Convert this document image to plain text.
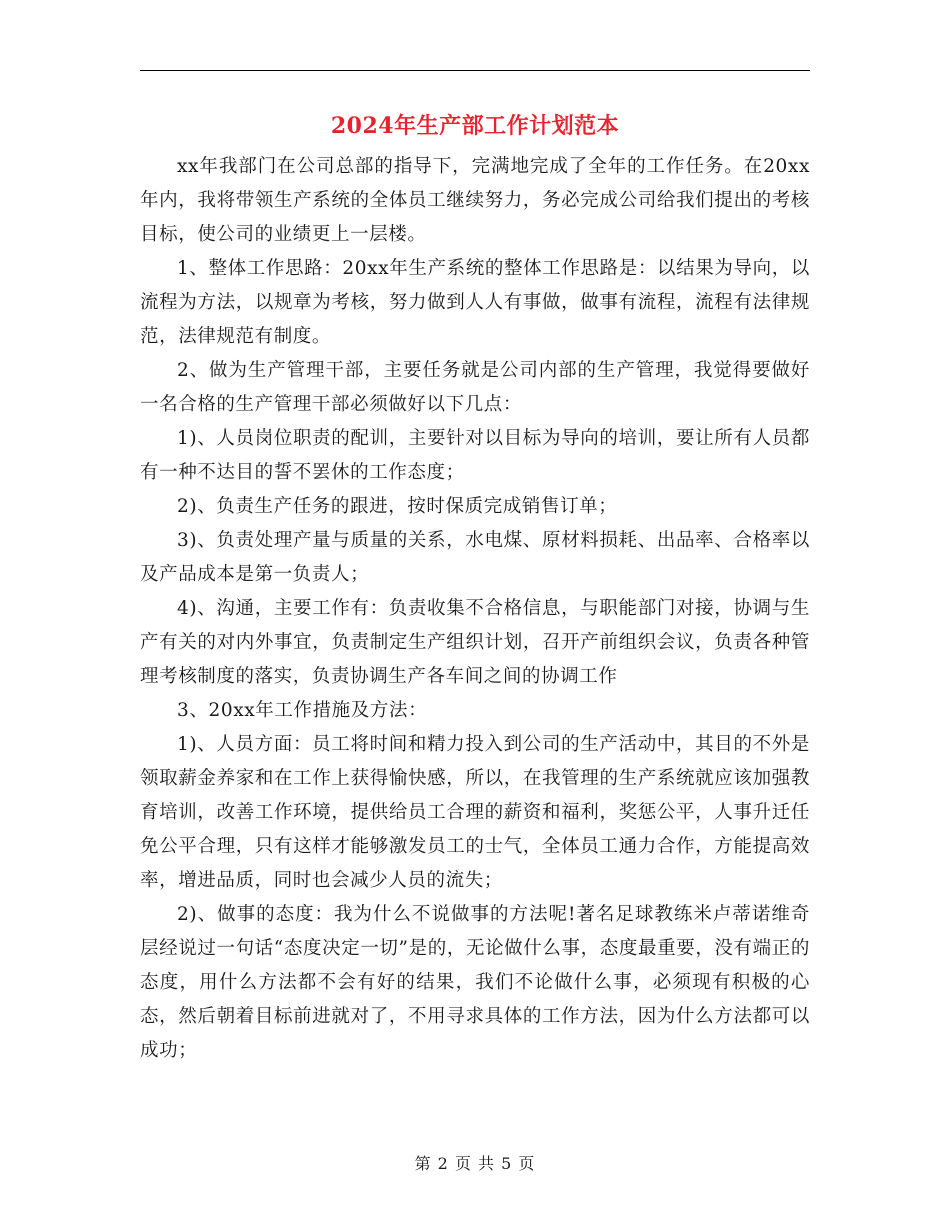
2024年生产部工作计划范本

xx年我部门在公司总部的指导下，完满地完成了全年的工作任务。在20xx年内，我将带领生产系统的全体员工继续努力，务必完成公司给我们提出的考核目标，使公司的业绩更上一层楼。

1、整体工作思路：20xx年生产系统的整体工作思路是：以结果为导向，以流程为方法，以规章为考核，努力做到人人有事做，做事有流程，流程有法律规范，法律规范有制度。

2、做为生产管理干部，主要任务就是公司内部的生产管理，我觉得要做好一名合格的生产管理干部必须做好以下几点：

1)、人员岗位职责的配训，主要针对以目标为导向的培训，要让所有人员都有一种不达目的誓不罢休的工作态度；

2)、负责生产任务的跟进，按时保质完成销售订单；

3)、负责处理产量与质量的关系，水电煤、原材料损耗、出品率、合格率以及产品成本是第一负责人；

4)、沟通，主要工作有：负责收集不合格信息，与职能部门对接，协调与生产有关的对内外事宜，负责制定生产组织计划，召开产前组织会议，负责各种管理考核制度的落实，负责协调生产各车间之间的协调工作

3、20xx年工作措施及方法：

1)、人员方面：员工将时间和精力投入到公司的生产活动中，其目的不外是领取薪金养家和在工作上获得愉快感，所以，在我管理的生产系统就应该加强教育培训，改善工作环境，提供给员工合理的薪资和福利，奖惩公平，人事升迁任免公平合理，只有这样才能够激发员工的士气，全体员工通力合作，方能提高效率，增进品质，同时也会减少人员的流失；

2)、做事的态度：我为什么不说做事的方法呢!著名足球教练米卢蒂诺维奇层经说过一句话“态度决定一切”是的，无论做什么事，态度最重要，没有端正的态度，用什么方法都不会有好的结果，我们不论做什么事，必须现有积极的心态，然后朝着目标前进就对了，不用寻求具体的工作方法，因为什么方法都可以成功；

第 2 页 共 5 页
